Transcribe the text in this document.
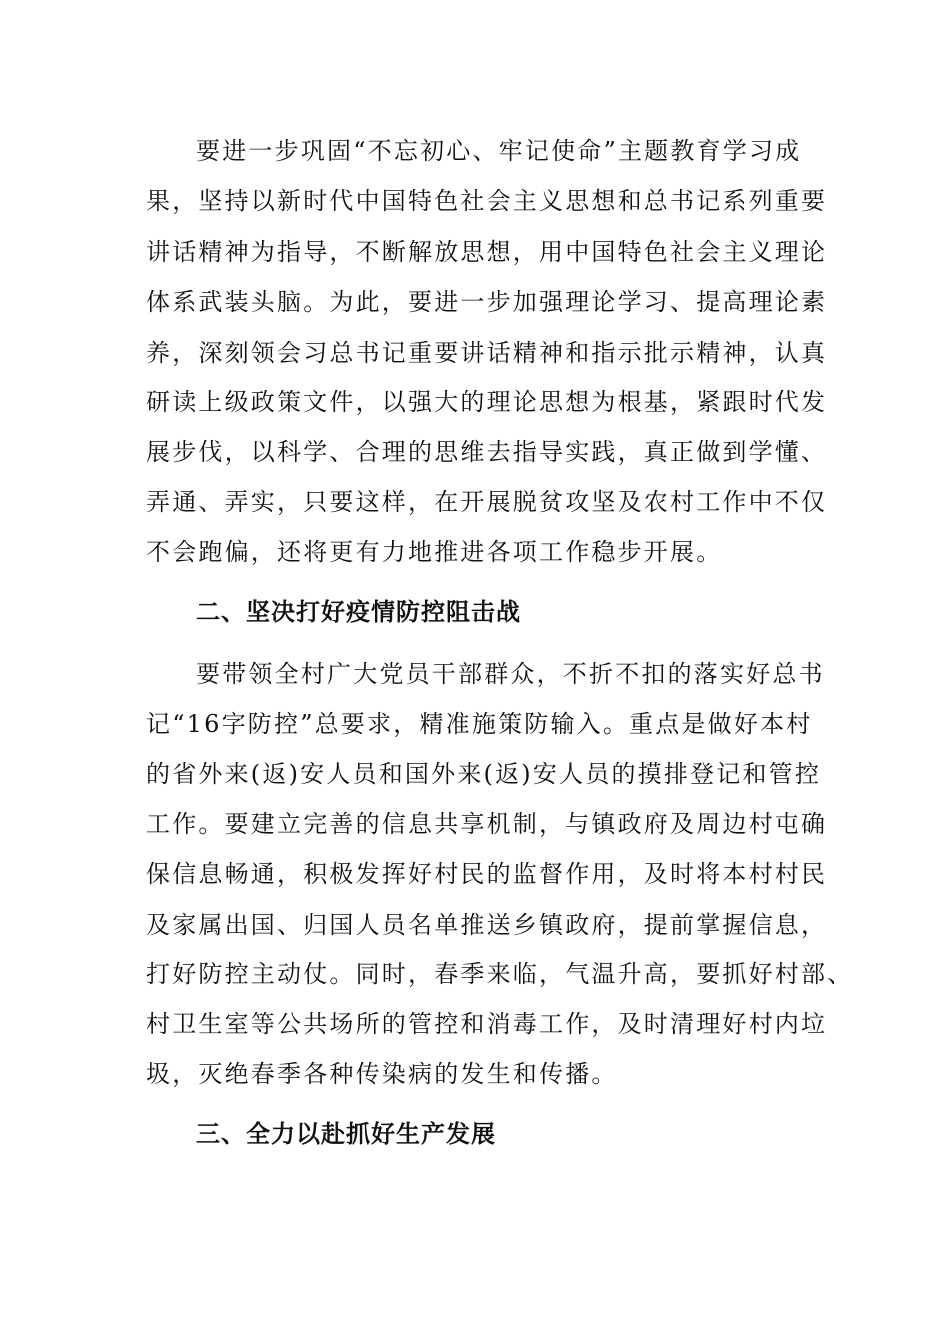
要进一步巩固“不忘初心、牢记使命”主题教育学习成
果，坚持以新时代中国特色社会主义思想和总书记系列重要
讲话精神为指导，不断解放思想，用中国特色社会主义理论
体系武装头脑。为此，要进一步加强理论学习、提高理论素
养，深刻领会习总书记重要讲话精神和指示批示精神，认真
研读上级政策文件，以强大的理论思想为根基，紧跟时代发
展步伐，以科学、合理的思维去指导实践，真正做到学懂、
弄通、弄实，只要这样，在开展脱贫攻坚及农村工作中不仅
不会跑偏，还将更有力地推进各项工作稳步开展。
二、坚决打好疫情防控阻击战
要带领全村广大党员干部群众，不折不扣的落实好总书
记“16字防控”总要求，精准施策防输入。重点是做好本村
的省外来(返)安人员和国外来(返)安人员的摸排登记和管控
工作。要建立完善的信息共享机制，与镇政府及周边村屯确
保信息畅通，积极发挥好村民的监督作用，及时将本村村民
及家属出国、归国人员名单推送乡镇政府，提前掌握信息，
打好防控主动仗。同时，春季来临，气温升高，要抓好村部、
村卫生室等公共场所的管控和消毒工作，及时清理好村内垃
圾，灭绝春季各种传染病的发生和传播。
三、全力以赴抓好生产发展
